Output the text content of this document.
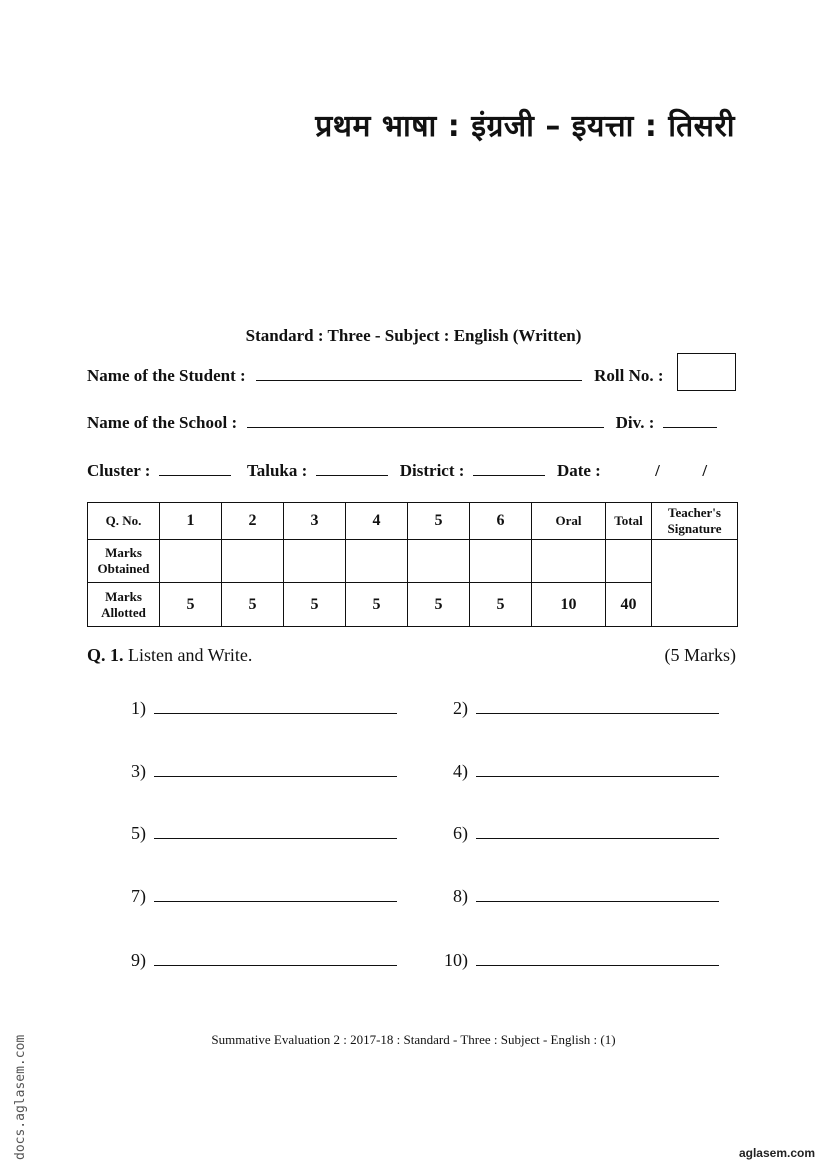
प्रथम भाषा : इंग्रजी – इयत्ता : तिसरी
Standard : Three - Subject : English (Written)
Name of the Student :	Roll No. :
Name of the School :	Div. :
Cluster :	Taluka :	District :	Date :	/          /
Q. No.	1	2	3	4	5	6	Oral	Total	Teacher's Signature
Marks Obtained									
Marks Allotted	5	5	5	5	5	5	10	40	
Q. 1. Listen and Write.	(5 Marks)
1)	2)
3)	4)
5)	6)
7)	8)
9)	10)
Summative Evaluation 2 : 2017-18 : Standard - Three : Subject - English : (1)
docs.aglasem.com	aglasem.com
